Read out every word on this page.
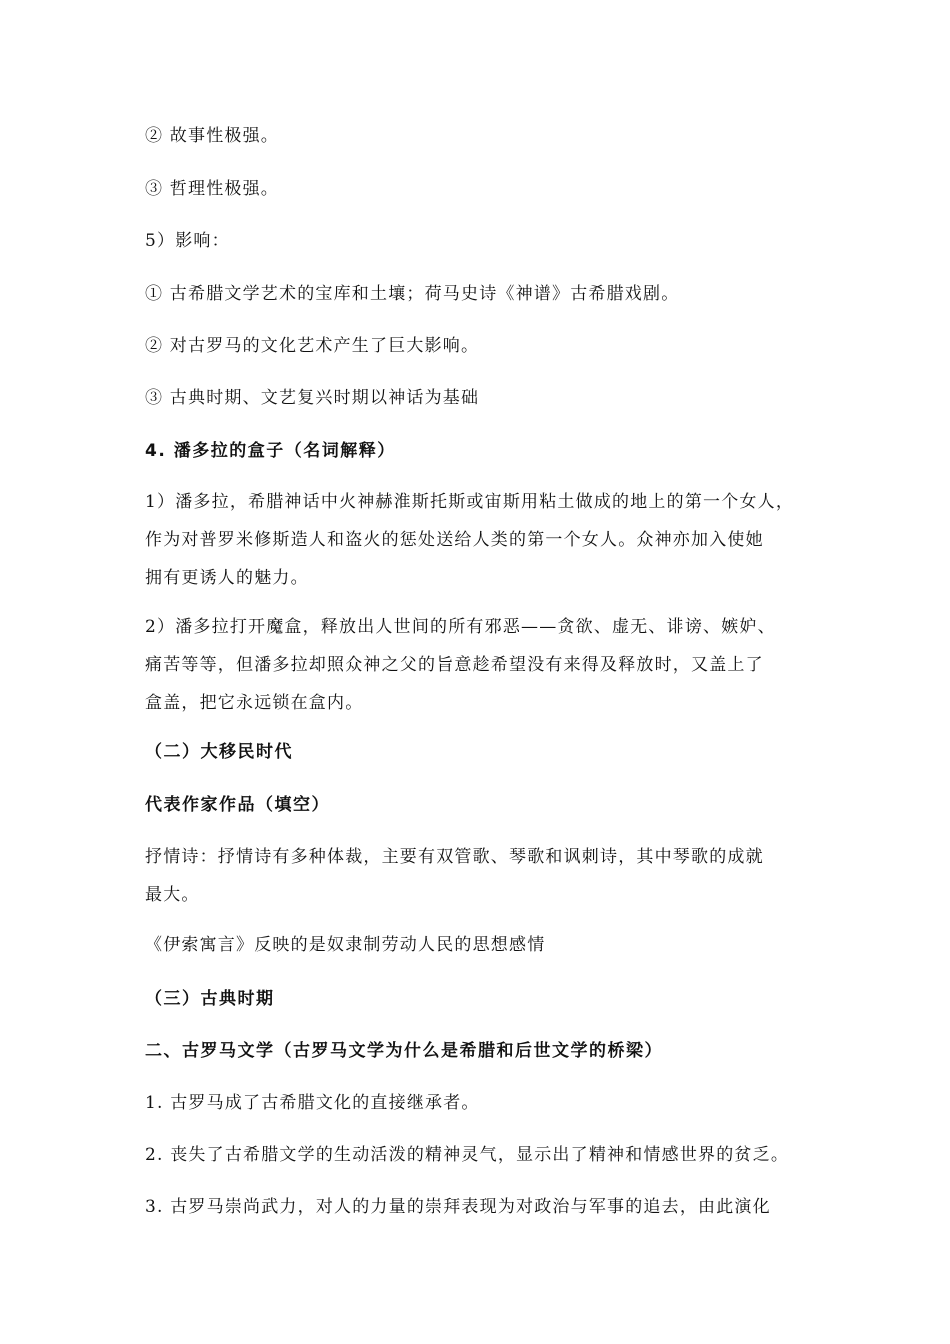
② 故事性极强。
③ 哲理性极强。
5）影响：
① 古希腊文学艺术的宝库和土壤；荷马史诗《神谱》古希腊戏剧。
② 对古罗马的文化艺术产生了巨大影响。
③ 古典时期、文艺复兴时期以神话为基础
4. 潘多拉的盒子（名词解释）
1）潘多拉，希腊神话中火神赫淮斯托斯或宙斯用粘土做成的地上的第一个女人，
作为对普罗米修斯造人和盗火的惩处送给人类的第一个女人。众神亦加入使她
拥有更诱人的魅力。
2）潘多拉打开魔盒，释放出人世间的所有邪恶——贪欲、虚无、诽谤、嫉妒、
痛苦等等，但潘多拉却照众神之父的旨意趁希望没有来得及释放时，又盖上了
盒盖，把它永远锁在盒内。
（二）大移民时代
代表作家作品（填空）
抒情诗：抒情诗有多种体裁，主要有双管歌、琴歌和讽刺诗，其中琴歌的成就
最大。
《伊索寓言》反映的是奴隶制劳动人民的思想感情
（三）古典时期
二、古罗马文学（古罗马文学为什么是希腊和后世文学的桥梁）
1. 古罗马成了古希腊文化的直接继承者。
2. 丧失了古希腊文学的生动活泼的精神灵气，显示出了精神和情感世界的贫乏。
3. 古罗马崇尚武力，对人的力量的崇拜表现为对政治与军事的追去，由此演化
